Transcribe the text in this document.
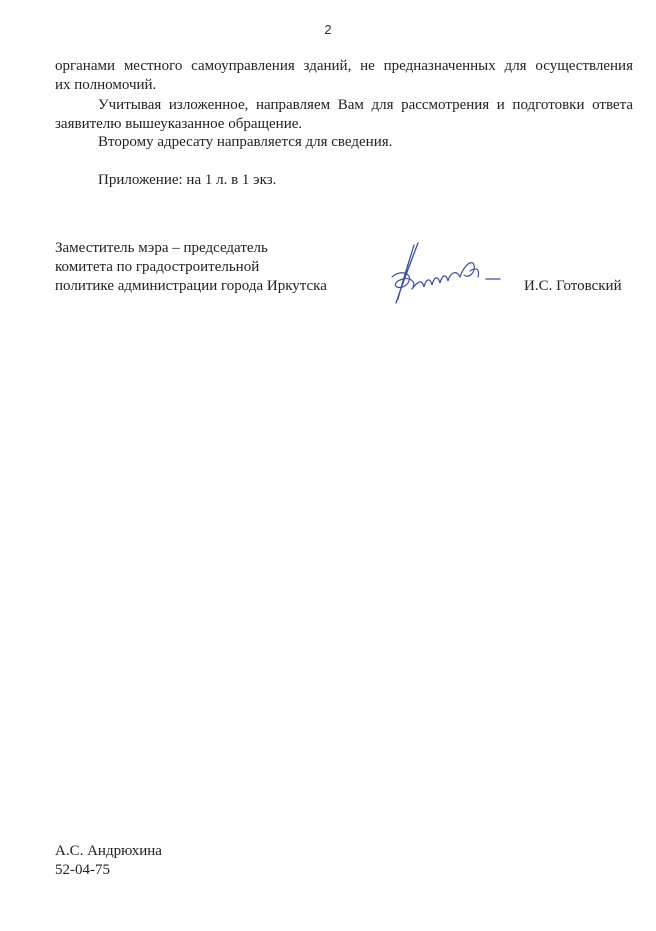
2

органами местного самоуправления зданий, не предназначенных для осуществления

их полномочий.

Учитывая изложенное, направляем Вам для рассмотрения и подготовки ответа

заявителю вышеуказанное обращение.

Второму адресату направляется для сведения.

Приложение: на 1 л. в 1 экз.

Заместитель мэра – председатель
комитета по градостроительной
политике администрации города Иркутска	И.С. Готовский
А.С. Андрюхина
52-04-75
